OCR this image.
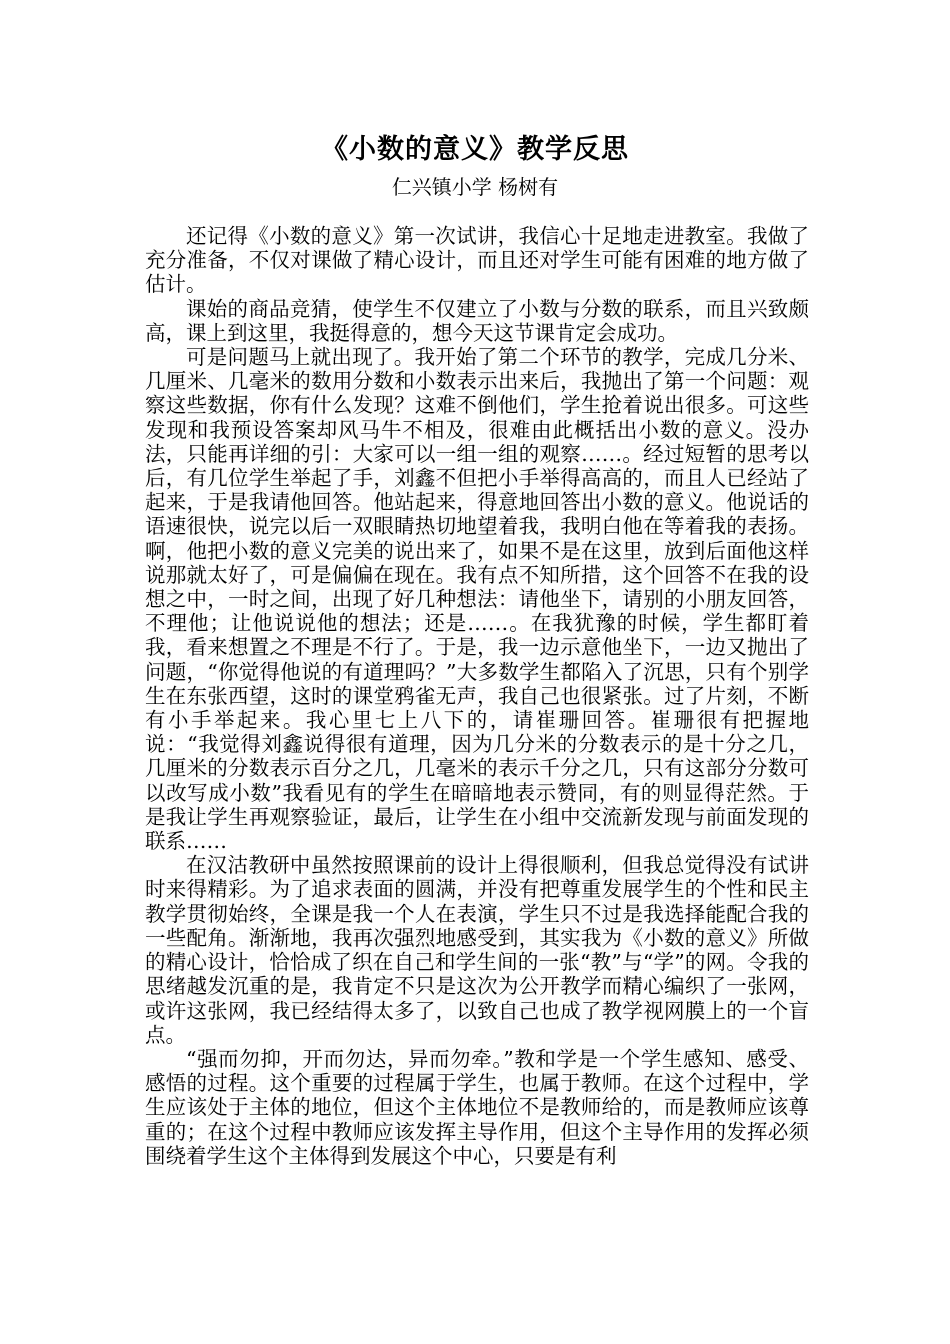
《小数的意义》教学反思
仁兴镇小学 杨树有

还记得《小数的意义》第一次试讲，我信心十足地走进教室。我做了充分准备，不仅对课做了精心设计，而且还对学生可能有困难的地方做了估计。

课始的商品竞猜，使学生不仅建立了小数与分数的联系，而且兴致颇高，课上到这里，我挺得意的，想今天这节课肯定会成功。

可是问题马上就出现了。我开始了第二个环节的教学，完成几分米、几厘米、几毫米的数用分数和小数表示出来后，我抛出了第一个问题：观察这些数据，你有什么发现？这难不倒他们，学生抢着说出很多。可这些发现和我预设答案却风马牛不相及，很难由此概括出小数的意义。没办法，只能再详细的引：大家可以一组一组的观察……。经过短暂的思考以后，有几位学生举起了手，刘鑫不但把小手举得高高的，而且人已经站了起来，于是我请他回答。他站起来，得意地回答出小数的意义。他说话的语速很快，说完以后一双眼睛热切地望着我，我明白他在等着我的表扬。啊，他把小数的意义完美的说出来了，如果不是在这里，放到后面他这样说那就太好了，可是偏偏在现在。我有点不知所措，这个回答不在我的设想之中，一时之间，出现了好几种想法：请他坐下，请别的小朋友回答，不理他；让他说说他的想法；还是……。在我犹豫的时候，学生都盯着我，看来想置之不理是不行了。于是，我一边示意他坐下，一边又抛出了问题，“你觉得他说的有道理吗？”大多数学生都陷入了沉思，只有个别学生在东张西望，这时的课堂鸦雀无声，我自己也很紧张。过了片刻，不断有小手举起来。我心里七上八下的，请崔珊回答。崔珊很有把握地说：“我觉得刘鑫说得很有道理，因为几分米的分数表示的是十分之几，几厘米的分数表示百分之几，几毫米的表示千分之几，只有这部分分数可以改写成小数”我看见有的学生在暗暗地表示赞同，有的则显得茫然。于是我让学生再观察验证，最后，让学生在小组中交流新发现与前面发现的联系……

在汉沽教研中虽然按照课前的设计上得很顺利，但我总觉得没有试讲时来得精彩。为了追求表面的圆满，并没有把尊重发展学生的个性和民主教学贯彻始终，全课是我一个人在表演，学生只不过是我选择能配合我的一些配角。渐渐地，我再次强烈地感受到，其实我为《小数的意义》所做的精心设计，恰恰成了织在自己和学生间的一张“教”与“学”的网。令我的思绪越发沉重的是，我肯定不只是这次为公开教学而精心编织了一张网，或许这张网，我已经结得太多了，以致自己也成了教学视网膜上的一个盲点。

“强而勿抑，开而勿达，异而勿牵。”教和学是一个学生感知、感受、感悟的过程。这个重要的过程属于学生，也属于教师。在这个过程中，学生应该处于主体的地位，但这个主体地位不是教师给的，而是教师应该尊重的；在这个过程中教师应该发挥主导作用，但这个主导作用的发挥必须围绕着学生这个主体得到发展这个中心，只要是有利
